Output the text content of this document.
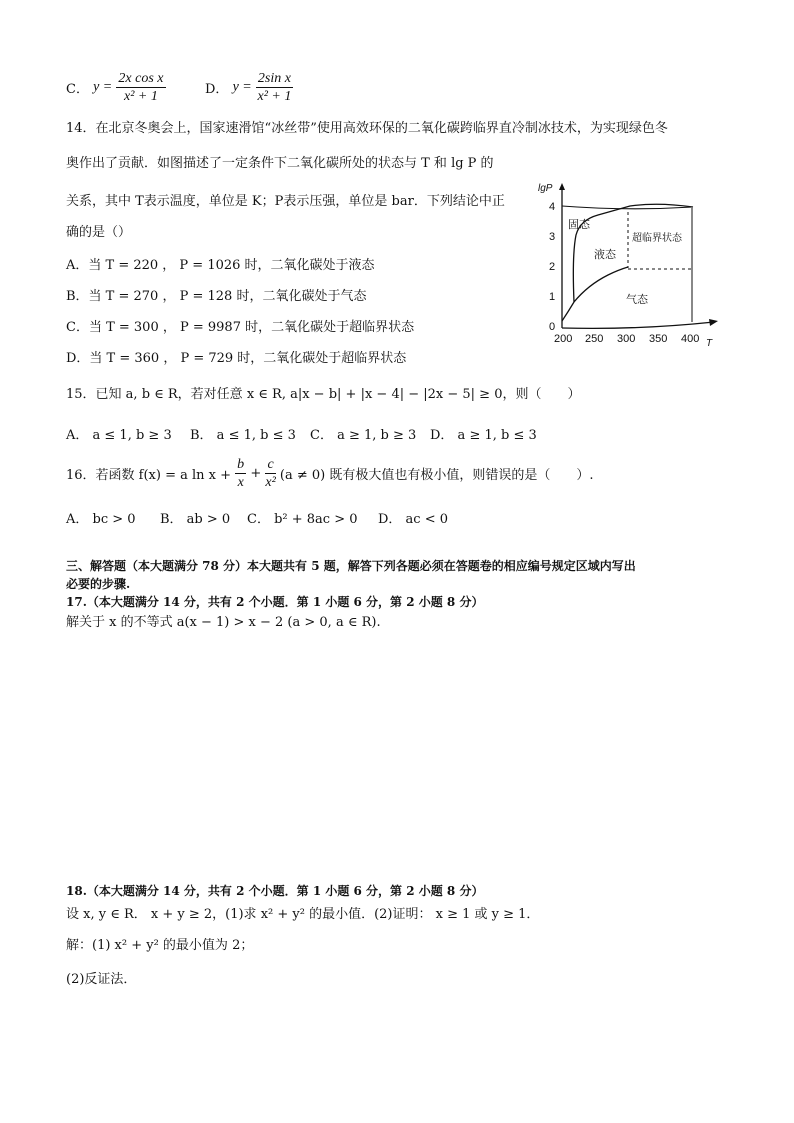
C． $y = \frac{\text{2x cos x}}{\text{x² + 1}}$	D． $y = \frac{\text{2sin x}}{\text{x² + 1}}$
14．在北京冬奥会上，国家速滑馆“冰丝带”使用高效环保的二氧化碳跨临界直冷制冰技术，为实现绿色冬
奥作出了贡献．如图描述了一定条件下二氧化碳所处的状态与 T 和 lg P 的
关系，其中 T表示温度，单位是 K；P表示压强，单位是 bar．下列结论中正
确的是（）
A．当 T = 220 ， P = 1026 时，二氧化碳处于液态
B．当 T = 270 ， P = 128 时，二氧化碳处于气态
C．当 T = 300 ， P = 9987 时，二氧化碳处于超临界状态
D．当 T = 360 ， P = 729 时，二氧化碳处于超临界状态
lgP
T
4
3
2
1
0
200 250 300 350 400
固态
液态
超临界状态
气态
15．已知 a, b ∈ R，若对任意 x ∈ R, a|x − b| + |x − 4| − |2x − 5| ≥ 0，则（　　）
A． a ≤ 1, b ≥ 3 B． a ≤ 1, b ≤ 3 C． a ≥ 1, b ≥ 3 D． a ≥ 1, b ≤ 3
16．若函数 f(x) = a $\ln x + \frac{b}{x} + \frac{c}{\text{x²}} (a \ne 0)$ 既有极大值也有极小值，则错误的是（　　）.
A． bc > 0 B． ab > 0 C． b² + 8ac > 0 D． ac < 0
三、解答题（本大题满分 78 分）本大题共有 5 题，解答下列各题必须在答题卷的相应编号规定区域内写出
必要的步骤.
17.（本大题满分 14 分，共有 2 个小题．第 1 小题 6 分，第 2 小题 8 分）
解关于 x 的不等式 a(x − 1) > x − 2 (a > 0, a ∈ R).
18.（本大题满分 14 分，共有 2 个小题．第 1 小题 6 分，第 2 小题 8 分）
设 x, y ∈ R． x + y ≥ 2，(1)求 x² + y² 的最小值．(2)证明： x ≥ 1 或 y ≥ 1．
解：(1) x² + y² 的最小值为 2；
(2)反证法．
